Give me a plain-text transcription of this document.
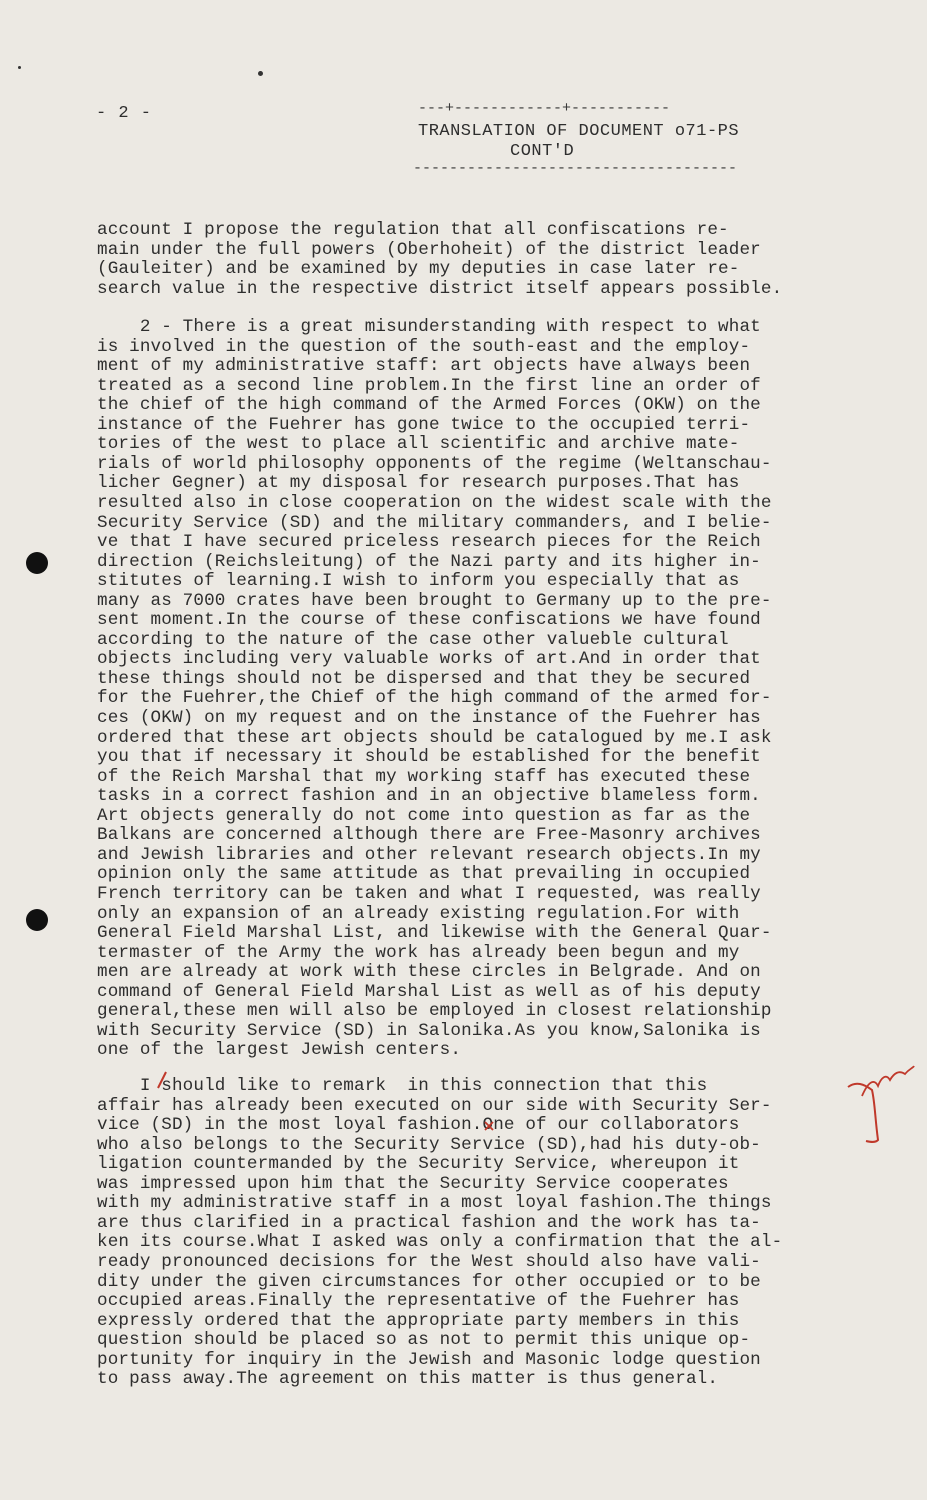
- 2 -	---+------------+-----------
TRANSLATION OF DOCUMENT o71-PS
CONT'D
------------------------------------
account I propose the regulation that all confiscations re-
main under the full powers (Oberhoheit) of the district leader
(Gauleiter) and be examined by my deputies in case later re-
search value in the respective district itself appears possible.
2 - There is a great misunderstanding with respect to what
is involved in the question of the south-east and the employ-
ment of my administrative staff: art objects have always been
treated as a second line problem.In the first line an order of
the chief of the high command of the Armed Forces (OKW) on the
instance of the Fuehrer has gone twice to the occupied terri-
tories of the west to place all scientific and archive mate-
rials of world philosophy opponents of the regime (Weltanschau-
licher Gegner) at my disposal for research purposes.That has
resulted also in close cooperation on the widest scale with the
Security Service (SD) and the military commanders, and I belie-
ve that I have secured priceless research pieces for the Reich
direction (Reichsleitung) of the Nazi party and its higher in-
stitutes of learning.I wish to inform you especially that as
many as 7000 crates have been brought to Germany up to the pre-
sent moment.In the course of these confiscations we have found
according to the nature of the case other valueble cultural
objects including very valuable works of art.And in order that
these things should not be dispersed and that they be secured
for the Fuehrer,the Chief of the high command of the armed for-
ces (OKW) on my request and on the instance of the Fuehrer has
ordered that these art objects should be catalogued by me.I ask
you that if necessary it should be established for the benefit
of the Reich Marshal that my working staff has executed these
tasks in a correct fashion and in an objective blameless form.
Art objects generally do not come into question as far as the
Balkans are concerned although there are Free-Masonry archives
and Jewish libraries and other relevant research objects.In my
opinion only the same attitude as that prevailing in occupied
French territory can be taken and what I requested, was really
only an expansion of an already existing regulation.For with
General Field Marshal List, and likewise with the General Quar-
termaster of the Army the work has already been begun and my
men are already at work with these circles in Belgrade. And on
command of General Field Marshal List as well as of his deputy
general,these men will also be employed in closest relationship
with Security Service (SD) in Salonika.As you know,Salonika is
one of the largest Jewish centers.
I should like to remark  in this connection that this
affair has already been executed on our side with Security Ser-
vice (SD) in the most loyal fashion.One of our collaborators
who also belongs to the Security Service (SD),had his duty-ob-
ligation countermanded by the Security Service, whereupon it
was impressed upon him that the Security Service cooperates
with my administrative staff in a most loyal fashion.The things
are thus clarified in a practical fashion and the work has ta-
ken its course.What I asked was only a confirmation that the al-
ready pronounced decisions for the West should also have vali-
dity under the given circumstances for other occupied or to be
occupied areas.Finally the representative of the Fuehrer has
expressly ordered that the appropriate party members in this
question should be placed so as not to permit this unique op-
portunity for inquiry in the Jewish and Masonic lodge question
to pass away.The agreement on this matter is thus general.
